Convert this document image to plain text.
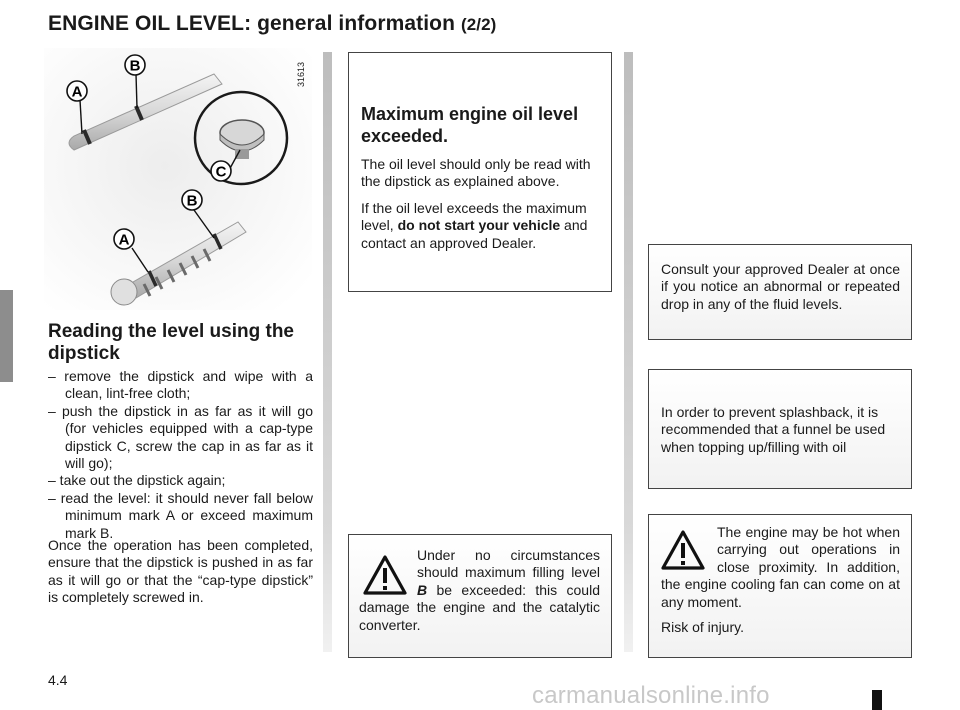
ENGINE OIL LEVEL: general information (2/2)
A
B
C
B
A
31613
Reading the level using the dipstick
– remove the dipstick and wipe with a clean, lint-free cloth;
– push the dipstick in as far as it will go (for vehicles equipped with a cap-type dipstick C, screw the cap in as far as it will go);
– take out the dipstick again;
– read the level: it should never fall below minimum mark A or exceed maximum mark B.
Once the operation has been completed, ensure that the dipstick is pushed in as far as it will go or that the “cap-type dipstick” is completely screwed in.
Maximum engine oil level exceeded.
The oil level should only be read with the dipstick as explained above.
If the oil level exceeds the maximum level, do not start your vehicle and contact an approved Dealer.
Under no circumstances should maximum filling level B be exceeded: this could damage the engine and the catalytic converter.
Consult your approved Dealer at once if you notice an abnormal or repeated drop in any of the fluid levels.
In order to prevent splashback, it is recommended that a funnel be used when topping up/filling with oil
The engine may be hot when carrying out operations in close proximity. In addition, the engine cooling fan can come on at any moment.
Risk of injury.
4.4
carmanualsonline.info
